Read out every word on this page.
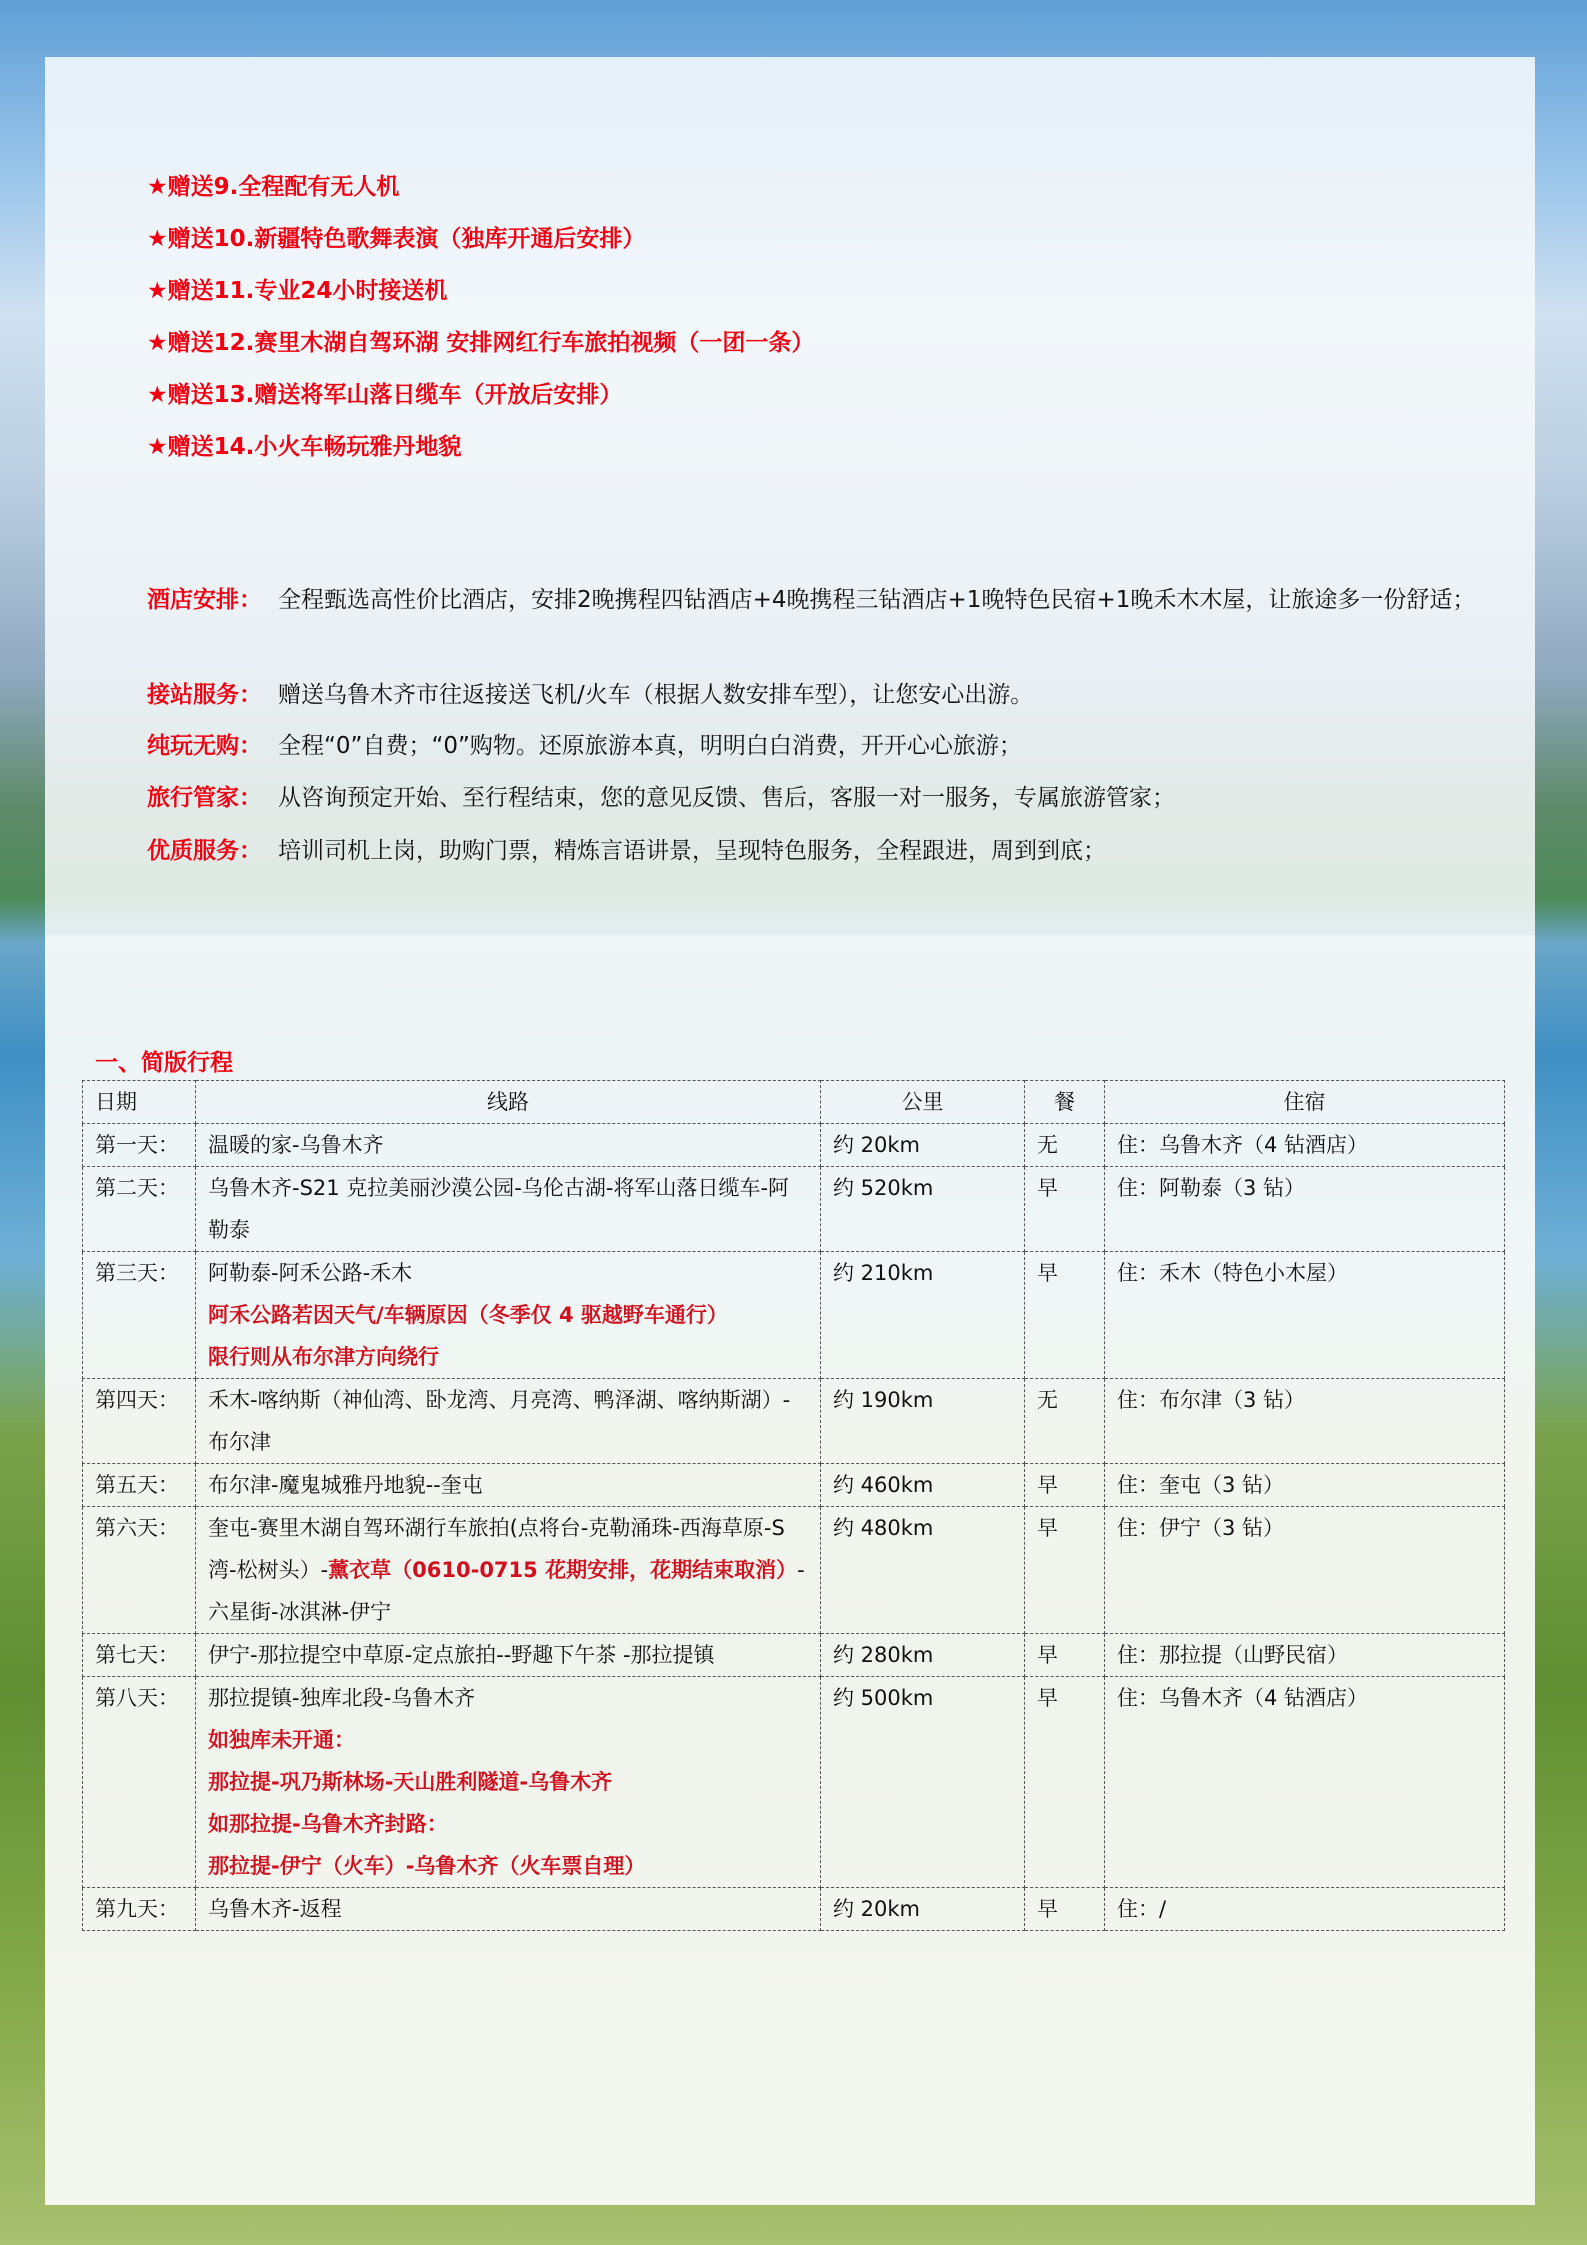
★赠送9.全程配有无人机
★赠送10.新疆特色歌舞表演（独库开通后安排）
★赠送11.专业24小时接送机
★赠送12.赛里木湖自驾环湖 安排网红行车旅拍视频（一团一条）
★赠送13.赠送将军山落日缆车（开放后安排）
★赠送14.小火车畅玩雅丹地貌
酒店安排： 全程甄选高性价比酒店，安排2晚携程四钻酒店+4晚携程三钻酒店+1晚特色民宿+1晚禾木木屋，让旅途多一份舒适；
接站服务： 赠送乌鲁木齐市往返接送飞机/火车（根据人数安排车型），让您安心出游。
纯玩无购： 全程“0”自费；“0”购物。还原旅游本真，明明白白消费，开开心心旅游；
旅行管家： 从咨询预定开始、至行程结束，您的意见反馈、售后，客服一对一服务，专属旅游管家；
优质服务： 培训司机上岗，助购门票，精炼言语讲景，呈现特色服务，全程跟进，周到到底；
一、简版行程
日期	线路	公里	餐	住宿
第一天：	温暖的家-乌鲁木齐	约 20km	无	住：乌鲁木齐（4 钻酒店）
第二天：	乌鲁木齐-S21 克拉美丽沙漠公园-乌伦古湖-将军山落日缆车-阿勒泰	约 520km	早	住：阿勒泰（3 钻）
第三天：	阿勒泰-阿禾公路-禾木
阿禾公路若因天气/车辆原因（冬季仅 4 驱越野车通行）
限行则从布尔津方向绕行	约 210km	早	住：禾木（特色小木屋）
第四天：	禾木-喀纳斯（神仙湾、卧龙湾、月亮湾、鸭泽湖、喀纳斯湖）-布尔津	约 190km	无	住：布尔津（3 钻）
第五天：	布尔津-魔鬼城雅丹地貌--奎屯	约 460km	早	住：奎屯（3 钻）
第六天：	奎屯-赛里木湖自驾环湖行车旅拍(点将台-克勒涌珠-西海草原-S 湾-松树头）-薰衣草（0610-0715 花期安排，花期结束取消）-六星街-冰淇淋-伊宁	约 480km	早	住：伊宁（3 钻）
第七天：	伊宁-那拉提空中草原-定点旅拍--野趣下午茶 -那拉提镇	约 280km	早	住：那拉提（山野民宿）
第八天：	那拉提镇-独库北段-乌鲁木齐
如独库未开通：
那拉提-巩乃斯林场-天山胜利隧道-乌鲁木齐
如那拉提-乌鲁木齐封路：
那拉提-伊宁（火车）-乌鲁木齐（火车票自理）	约 500km	早	住：乌鲁木齐（4 钻酒店）
第九天：	乌鲁木齐-返程	约 20km	早	住：/
